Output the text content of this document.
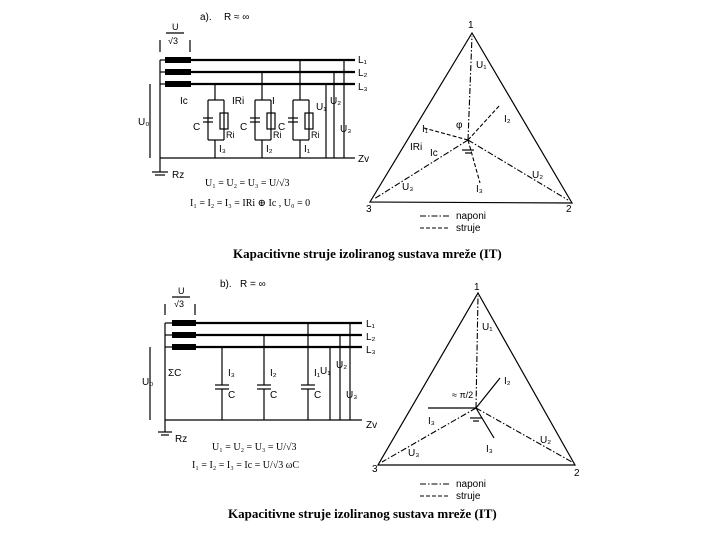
a). R ≈ ∞
U
√3
L₁
L₂
L₃
Zv
U₀
Rz
C
Ri
I₃
C
Ri
I₂
C
Ri
I₁
Ic	IRi	I
U₁
U₂
U₃
U₁ = U₂ = U₃ = U/√3
I₁ = I₂ = I₃ = IRi ⊕ Ic , U₀ = 0
1
2
3
U₁
U₂
U₃
I₂
I₁
I₃
IRi
Ic
φ
naponi
struje
Kapacitivne struje izoliranog sustava mreže (IT)
b). R = ∞
U
√3
L₁
L₂
L₃
Zv
U₀
ΣC
Rz
C
I₃
C
I₂
C
I₁ U₁
U₂
U₃
U₁ = U₂ = U₃ = U/√3
I₁ = I₂ = I₃ = Ic = U/√3 ωC
1
2
3
U₁
U₂
U₃
I₂
I₃
I₃
≈ π/2
naponi
struje
Kapacitivne struje izoliranog sustava mreže (IT)
